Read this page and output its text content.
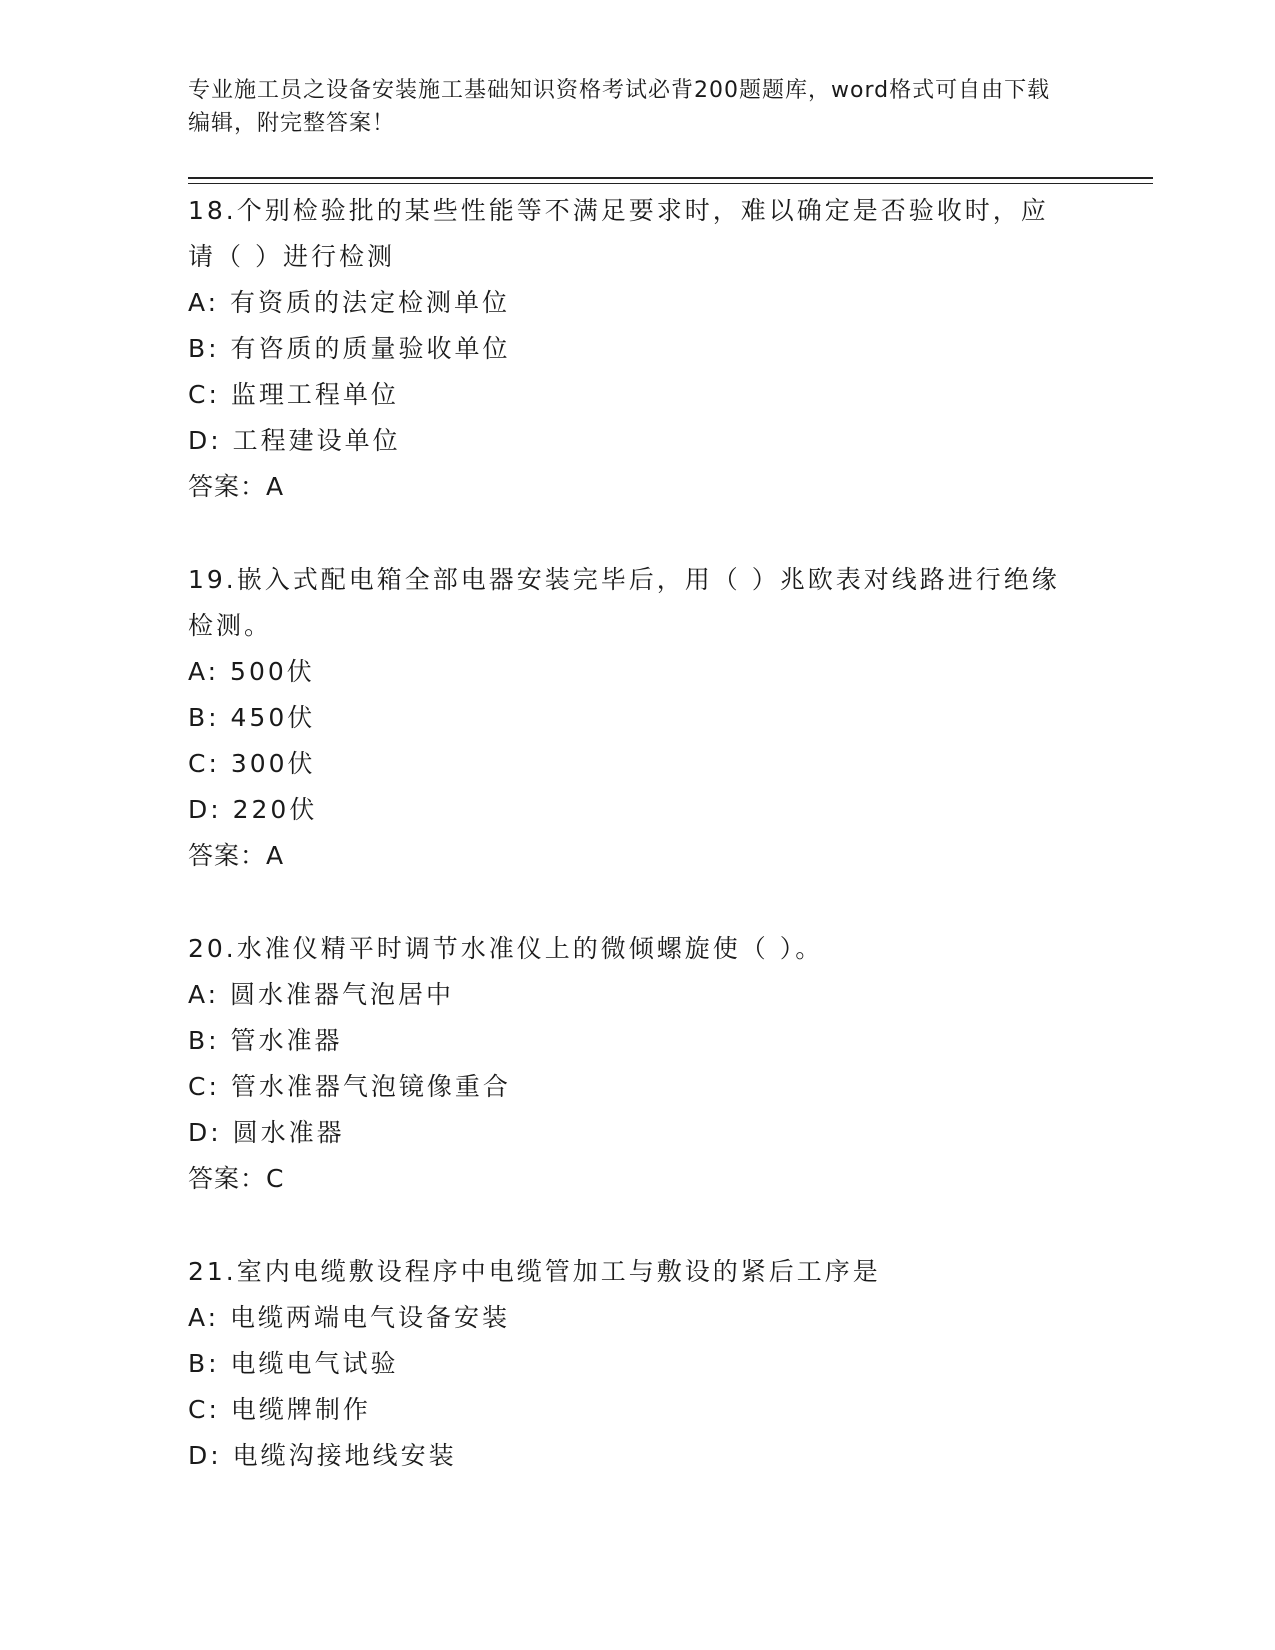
专业施工员之设备安装施工基础知识资格考试必背200题题库，word格式可自由下载编辑，附完整答案！
18.个别检验批的某些性能等不满足要求时，难以确定是否验收时，应请（ ）进行检测
A: 有资质的法定检测单位
B: 有咨质的质量验收单位
C: 监理工程单位
D: 工程建设单位
答案：A
19.嵌入式配电箱全部电器安装完毕后，用（ ）兆欧表对线路进行绝缘检测。
A: 500伏
B: 450伏
C: 300伏
D: 220伏
答案：A
20.水准仪精平时调节水准仪上的微倾螺旋使（ ）。
A: 圆水准器气泡居中
B: 管水准器
C: 管水准器气泡镜像重合
D: 圆水准器
答案：C
21.室内电缆敷设程序中电缆管加工与敷设的紧后工序是
A: 电缆两端电气设备安装
B: 电缆电气试验
C: 电缆牌制作
D: 电缆沟接地线安装
